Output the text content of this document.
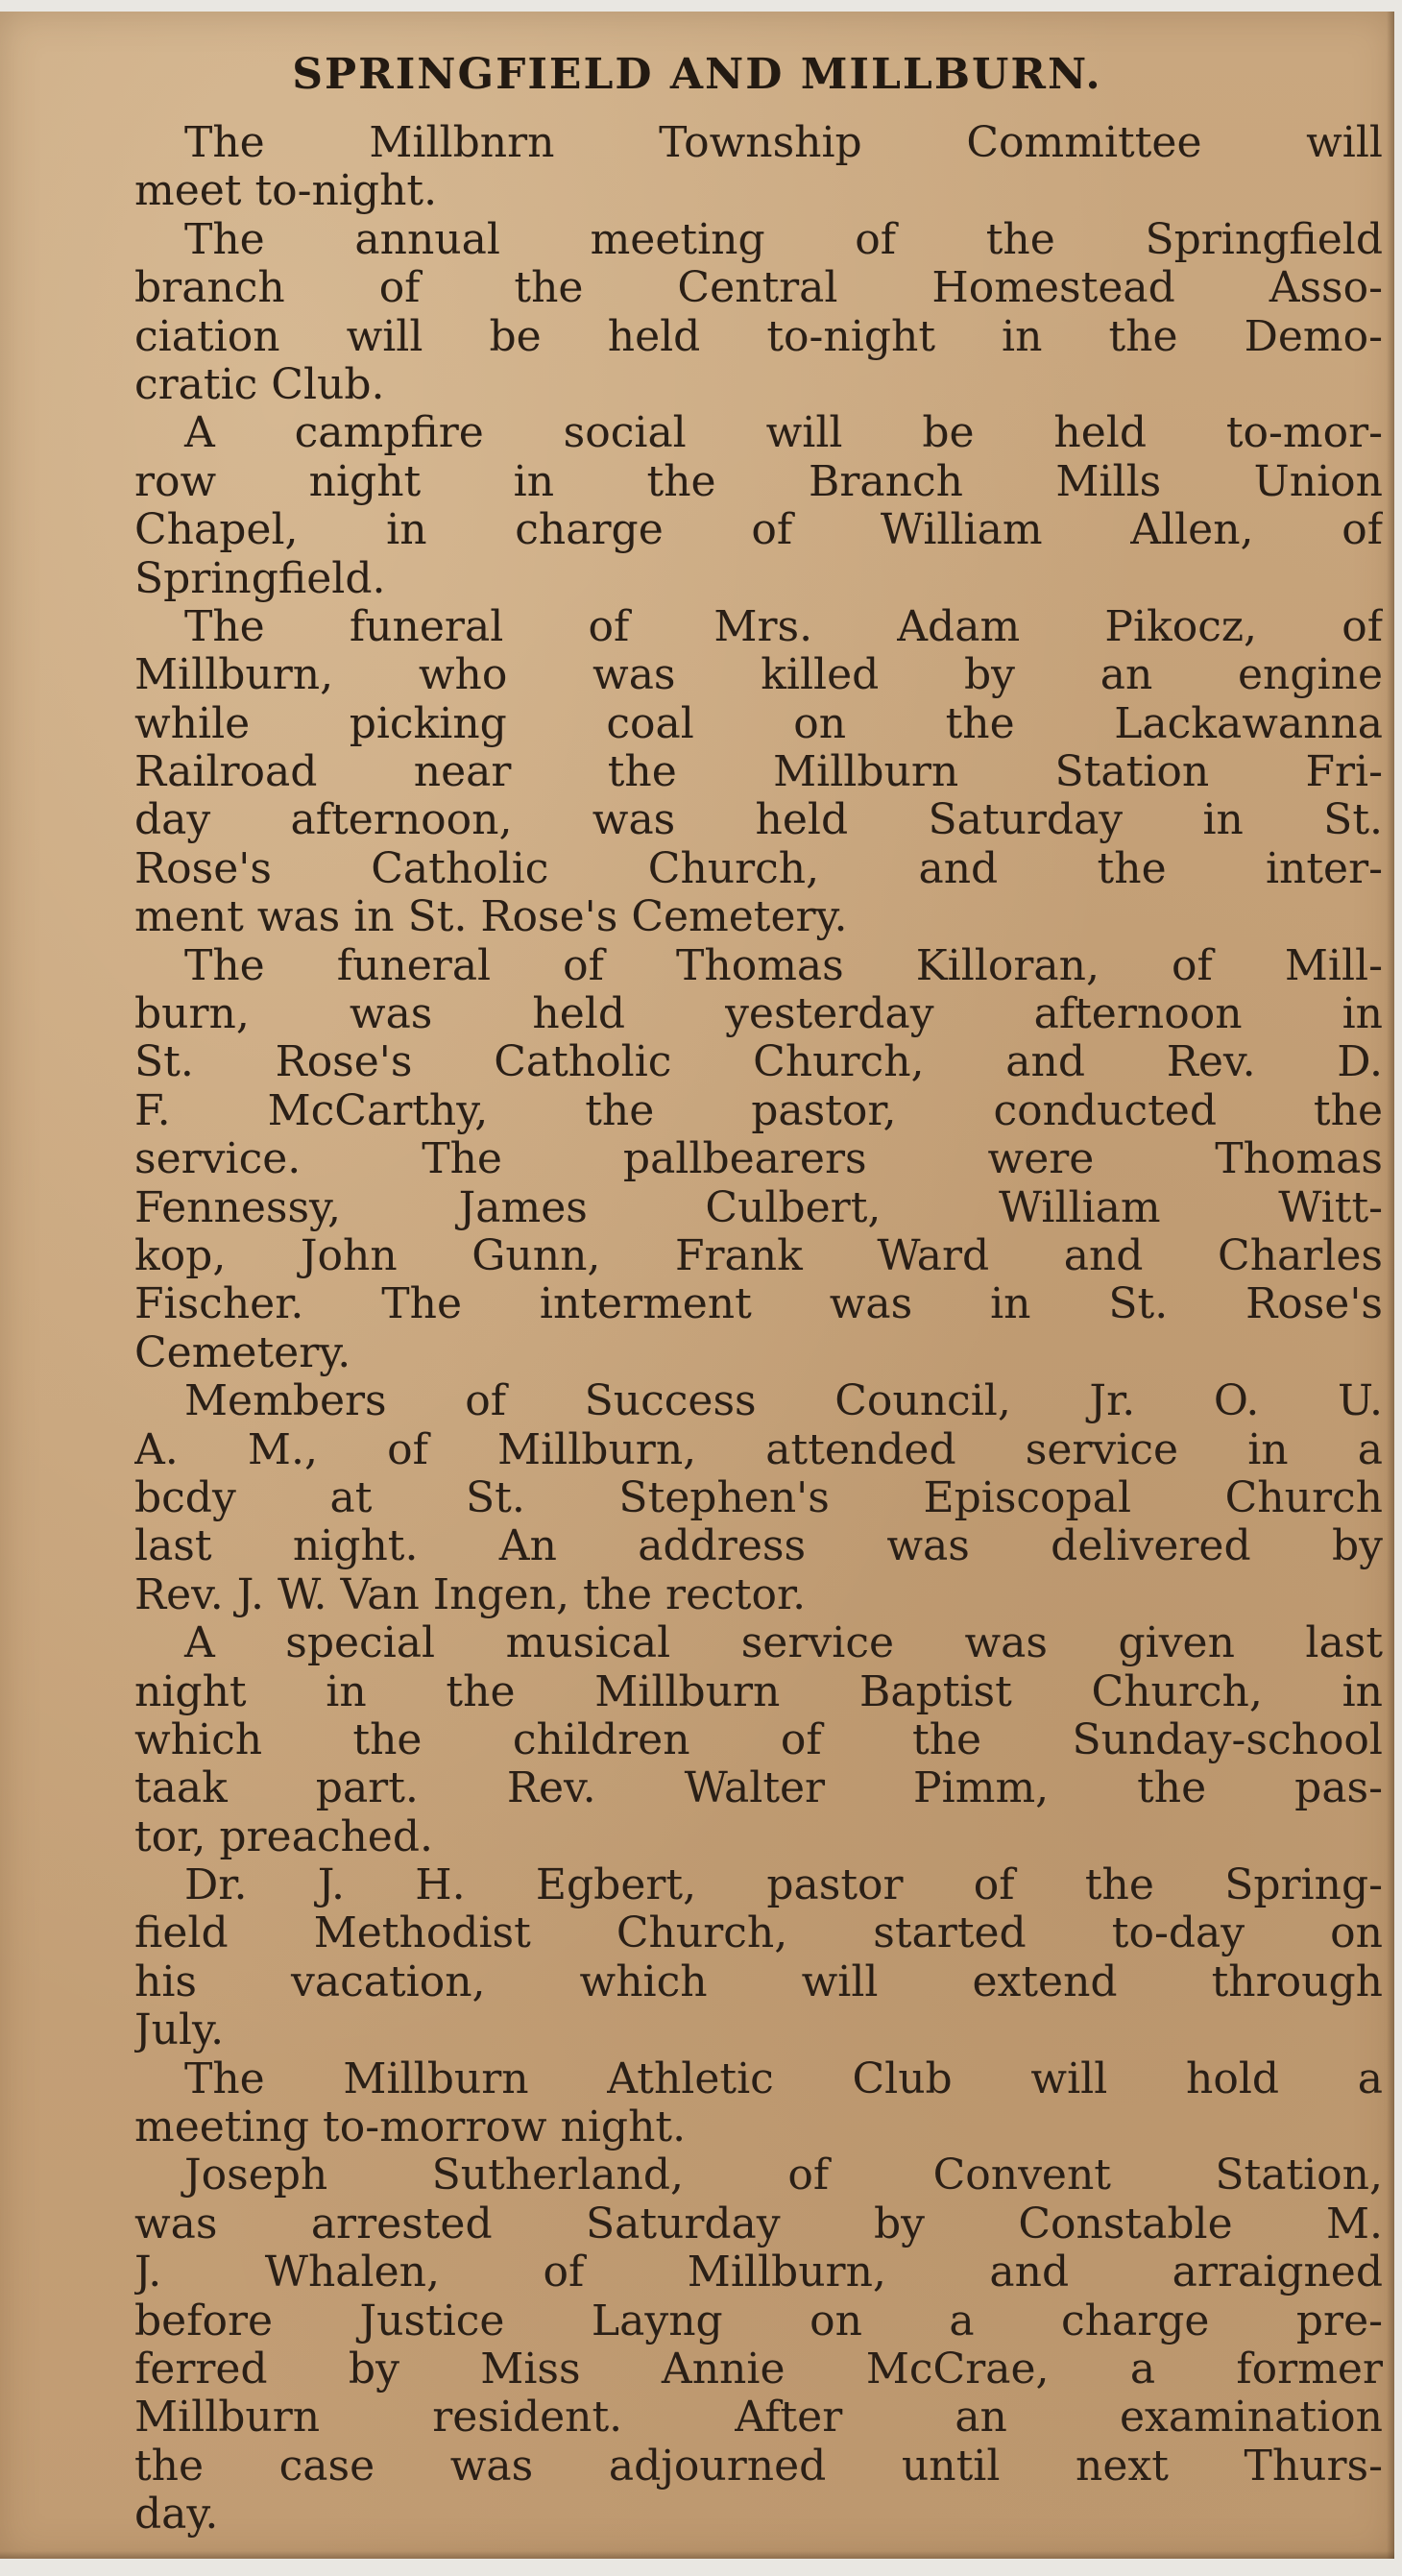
SPRINGFIELD AND MILLBURN.
The Millbnrn Township Committee will
meet to-night.
The annual meeting of the Springfield
branch of the Central Homestead Asso-
ciation will be held to-night in the Demo-
cratic Club.
A campfire social will be held to-mor-
row night in the Branch Mills Union
Chapel, in charge of William Allen, of
Springfield.
The funeral of Mrs. Adam Pikocz, of
Millburn, who was killed by an engine
while picking coal on the Lackawanna
Railroad near the Millburn Station Fri-
day afternoon, was held Saturday in St.
Rose's Catholic Church, and the inter-
ment was in St. Rose's Cemetery.
The funeral of Thomas Killoran, of Mill-
burn, was held yesterday afternoon in
St. Rose's Catholic Church, and Rev. D.
F. McCarthy, the pastor, conducted the
service. The pallbearers were Thomas
Fennessy, James Culbert, William Witt-
kop, John Gunn, Frank Ward and Charles
Fischer. The interment was in St. Rose's
Cemetery.
Members of Success Council, Jr. O. U.
A. M., of Millburn, attended service in a
bcdy at St. Stephen's Episcopal Church
last night. An address was delivered by
Rev. J. W. Van Ingen, the rector.
A special musical service was given last
night in the Millburn Baptist Church, in
which the children of the Sunday-school
taak part. Rev. Walter Pimm, the pas-
tor, preached.
Dr. J. H. Egbert, pastor of the Spring-
field Methodist Church, started to-day on
his vacation, which will extend through
July.
The Millburn Athletic Club will hold a
meeting to-morrow night.
Joseph Sutherland, of Convent Station,
was arrested Saturday by Constable M.
J. Whalen, of Millburn, and arraigned
before Justice Layng on a charge pre-
ferred by Miss Annie McCrae, a former
Millburn resident. After an examination
the case was adjourned until next Thurs-
day.
